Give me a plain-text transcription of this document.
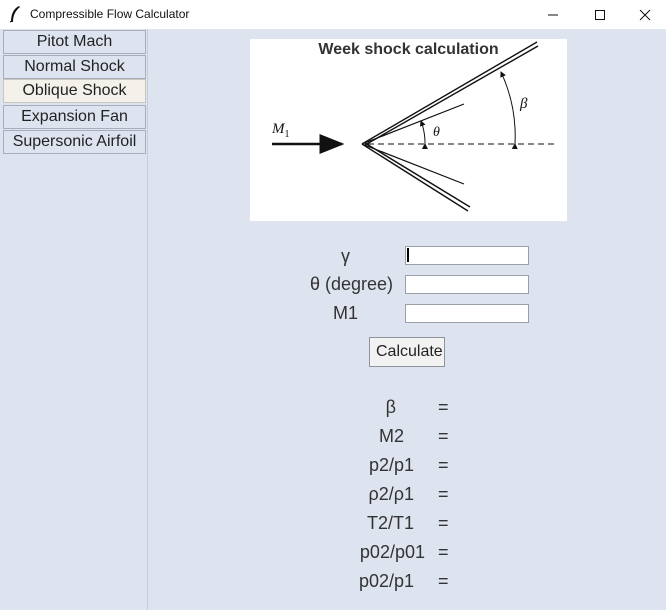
Compressible Flow Calculator
Pitot Mach
Normal Shock
Oblique Shock
Expansion Fan
Supersonic Airfoil
Week shock calculation
$M_1$	θ
β
γ
θ (degree)
M1
Calculate
β =
M2 =
p2/p1 =
ρ2/ρ1 =
T2/T1 =
p02/p01 =
p02/p1 =
